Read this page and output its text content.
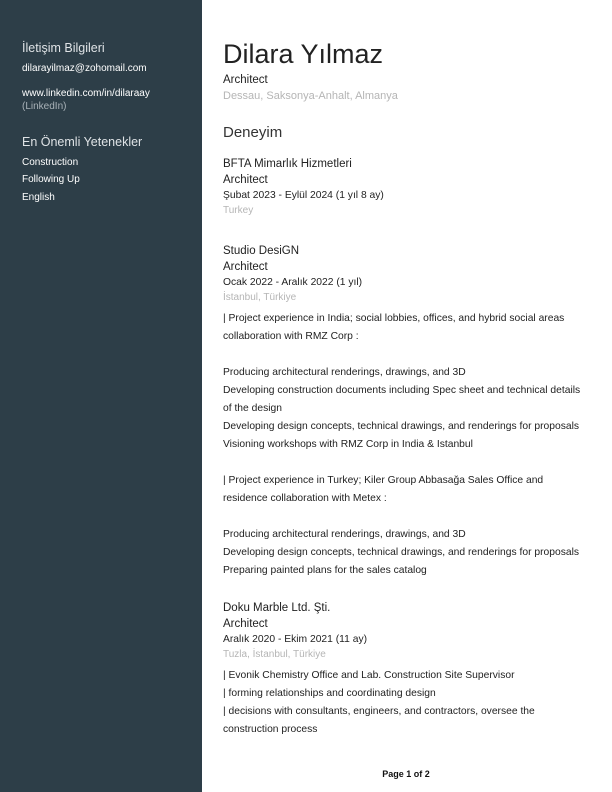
İletişim Bilgileri
dilarayilmaz@zohomail.com
www.linkedin.com/in/dilaraay
(LinkedIn)
En Önemli Yetenekler
Construction
Following Up
English
Dilara Yılmaz
Architect
Dessau, Saksonya-Anhalt, Almanya
Deneyim
BFTA Mimarlık Hizmetleri
Architect
Şubat 2023 - Eylül 2024 (1 yıl 8 ay)
Turkey
Studio DesiGN
Architect
Ocak 2022 - Aralık 2022 (1 yıl)
İstanbul, Türkiye
| Project experience in India; social lobbies, offices, and hybrid social areas
collaboration with RMZ Corp :
Producing architectural renderings, drawings, and 3D
Developing construction documents including Spec sheet and technical details
of the design
Developing design concepts, technical drawings, and renderings for proposals
Visioning workshops with RMZ Corp in India & Istanbul
| Project experience in Turkey; Kiler Group Abbasağa Sales Office and
residence collaboration with Metex :
Producing architectural renderings, drawings, and 3D
Developing design concepts, technical drawings, and renderings for proposals
Preparing painted plans for the sales catalog
Doku Marble Ltd. Şti.
Architect
Aralık 2020 - Ekim 2021 (11 ay)
Tuzla, İstanbul, Türkiye
| Evonik Chemistry Office and Lab. Construction Site Supervisor
| forming relationships and coordinating design
| decisions with consultants, engineers, and contractors, oversee the
construction process
Page 1 of 2
